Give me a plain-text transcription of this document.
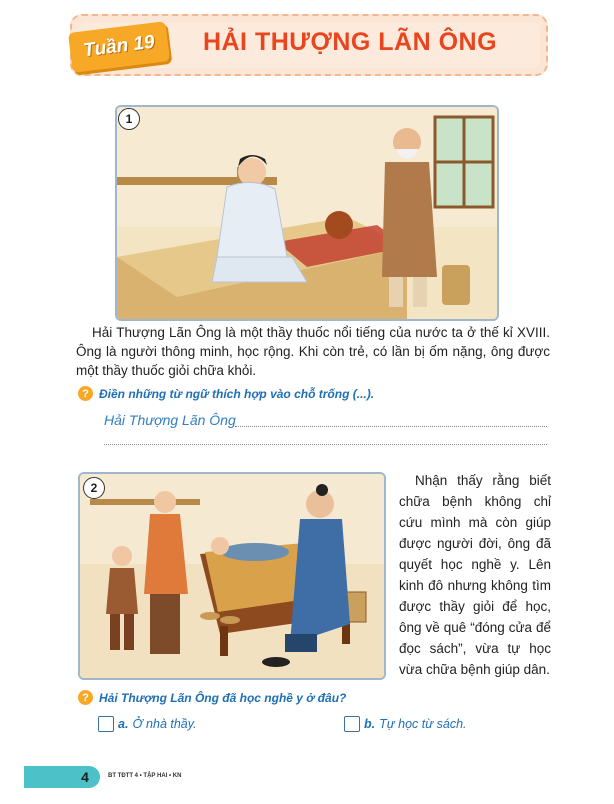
Tuần 19	HẢI THƯỢNG LÃN ÔNG
1
Hải Thượng Lãn Ông là một thầy thuốc nổi tiếng của nước ta ở thế kỉ XVIII. Ông là người thông minh, học rộng. Khi còn trẻ, có lần bị ốm nặng, ông được một thầy thuốc giỏi chữa khỏi.
? Điền những từ ngữ thích hợp vào chỗ trống (...).
Hải Thượng Lãn Ông
2	Nhận thấy rằng biết chữa bệnh không chỉ cứu mình mà còn giúp được người đời, ông đã quyết học nghề y. Lên kinh đô nhưng không tìm được thầy giỏi để học, ông về quê “đóng cửa để đọc sách”, vừa tự học vừa chữa bệnh giúp dân.
? Hải Thượng Lãn Ông đã học nghề y ở đâu?
a. Ở nhà thầy.	b. Tự học từ sách.
4	BT TĐTT 4 • TẬP HAI • KN
